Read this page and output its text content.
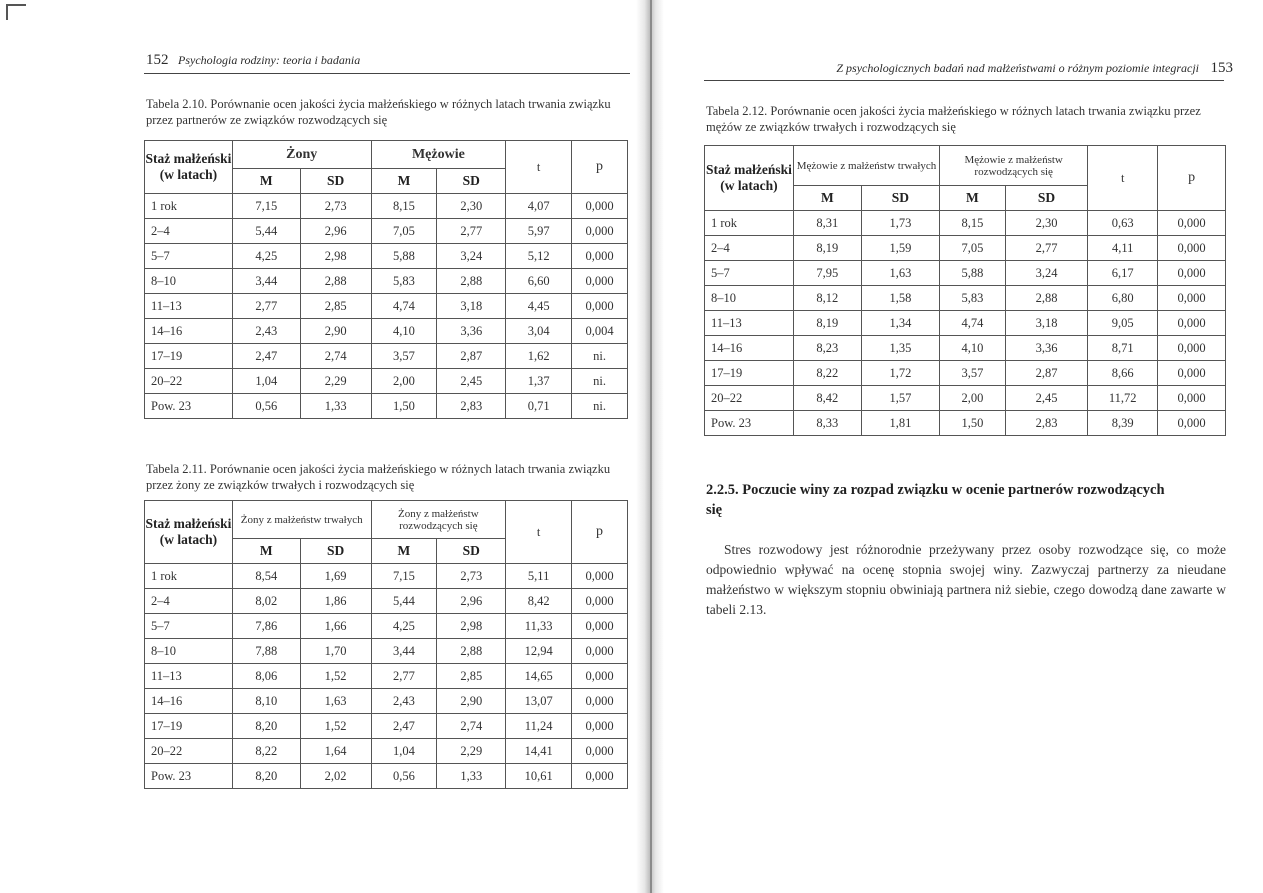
152 Psychologia rodziny: teoria i badania
Tabela 2.10. Porównanie ocen jakości życia małżeńskiego w różnych latach trwania związku przez partnerów ze związków rozwodzących się
Staż małżeński (w latach)	Żony		Mężowie		t	p
	M	SD	M	SD		
1 rok	7,15	2,73	8,15	2,30	4,07	0,000
2–4	5,44	2,96	7,05	2,77	5,97	0,000
5–7	4,25	2,98	5,88	3,24	5,12	0,000
8–10	3,44	2,88	5,83	2,88	6,60	0,000
11–13	2,77	2,85	4,74	3,18	4,45	0,000
14–16	2,43	2,90	4,10	3,36	3,04	0,004
17–19	2,47	2,74	3,57	2,87	1,62	ni.
20–22	1,04	2,29	2,00	2,45	1,37	ni.
Pow. 23	0,56	1,33	1,50	2,83	0,71	ni.
Tabela 2.11. Porównanie ocen jakości życia małżeńskiego w różnych latach trwania związku przez żony ze związków trwałych i rozwodzących się
Staż małżeński (w latach)	Żony z małżeństw trwałych		Żony z małżeństw rozwodzących się		t	p
	M	SD	M	SD		
1 rok	8,54	1,69	7,15	2,73	5,11	0,000
2–4	8,02	1,86	5,44	2,96	8,42	0,000
5–7	7,86	1,66	4,25	2,98	11,33	0,000
8–10	7,88	1,70	3,44	2,88	12,94	0,000
11–13	8,06	1,52	2,77	2,85	14,65	0,000
14–16	8,10	1,63	2,43	2,90	13,07	0,000
17–19	8,20	1,52	2,47	2,74	11,24	0,000
20–22	8,22	1,64	1,04	2,29	14,41	0,000
Pow. 23	8,20	2,02	0,56	1,33	10,61	0,000
Z psychologicznych badań nad małżeństwami o różnym poziomie integracji 153
Tabela 2.12. Porównanie ocen jakości życia małżeńskiego w różnych latach trwania związku przez mężów ze związków trwałych i rozwodzących się
Staż małżeński (w latach)	Mężowie z małżeństw trwałych		Mężowie z małżeństw rozwodzących się		t	p
	M	SD	M	SD		
1 rok	8,31	1,73	8,15	2,30	0,63	0,000
2–4	8,19	1,59	7,05	2,77	4,11	0,000
5–7	7,95	1,63	5,88	3,24	6,17	0,000
8–10	8,12	1,58	5,83	2,88	6,80	0,000
11–13	8,19	1,34	4,74	3,18	9,05	0,000
14–16	8,23	1,35	4,10	3,36	8,71	0,000
17–19	8,22	1,72	3,57	2,87	8,66	0,000
20–22	8,42	1,57	2,00	2,45	11,72	0,000
Pow. 23	8,33	1,81	1,50	2,83	8,39	0,000
2.2.5. Poczucie winy za rozpad związku w ocenie partnerów rozwodzących się
Stres rozwodowy jest różnorodnie przeżywany przez osoby rozwodzące się, co może odpowiednio wpływać na ocenę stopnia swojej winy. Zazwyczaj partnerzy za nieudane małżeństwo w większym stopniu obwiniają partnera niż siebie, czego dowodzą dane zawarte w tabeli 2.13.
